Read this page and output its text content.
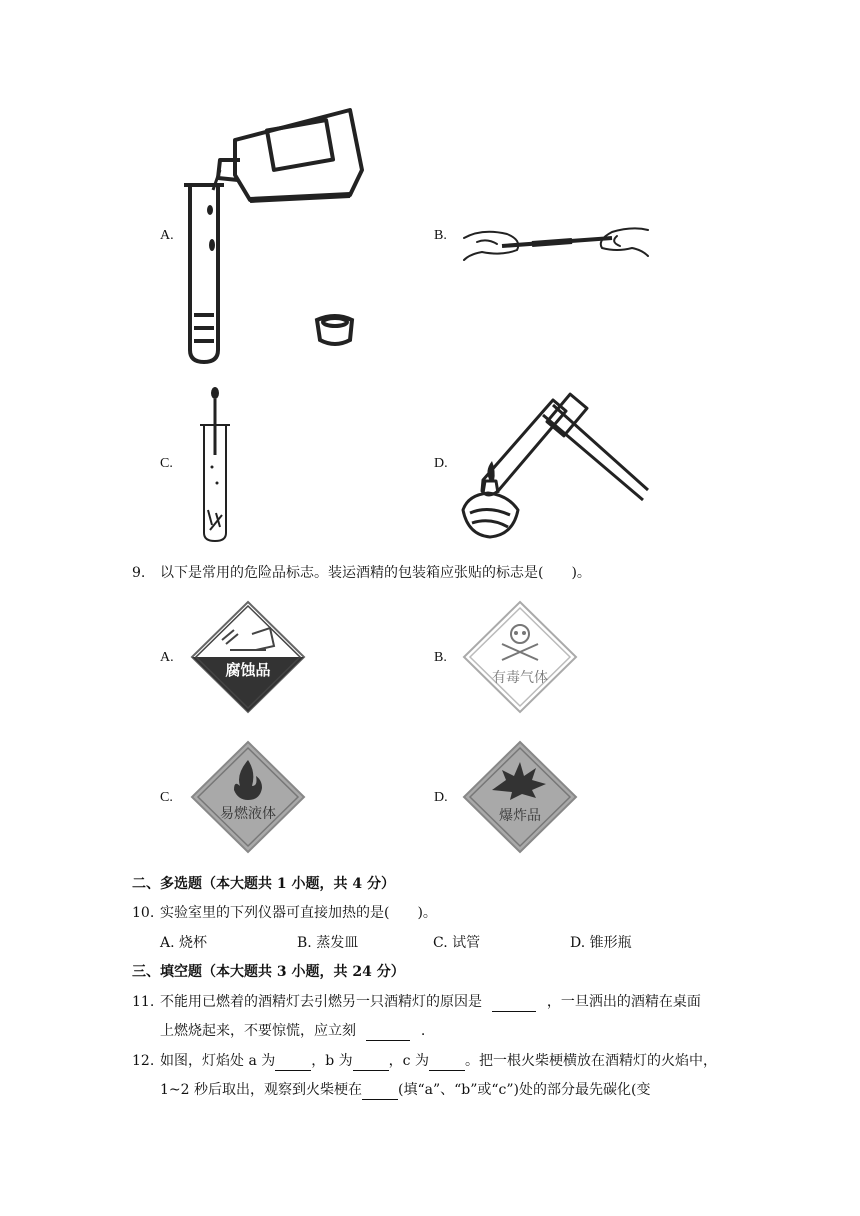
A.	B.
C.	D.
9. 以下是常用的危险品标志。装运酒精的包装箱应张贴的标志是(　　)。
A.
腐蚀品
B.
有毒气体
C.
易燃液体
D.
爆炸品
二、多选题（本大题共 1 小题，共 4 分）
10. 实验室里的下列仪器可直接加热的是(　　)。
A. 烧杯	B. 蒸发皿	C. 试管	D. 锥形瓶
三、填空题（本大题共 3 小题，共 24 分）
11. 不能用已燃着的酒精灯去引燃另一只酒精灯的原因是	，一旦洒出的酒精在桌面
上燃烧起来，不要惊慌，应立刻	.
12. 如图，灯焰处 a 为	，b 为	，c 为	。把一根火柴梗横放在酒精灯的火焰中，
1~2 秒后取出，观察到火柴梗在	(填“a”、“b”或“c”)处的部分最先碳化(变
